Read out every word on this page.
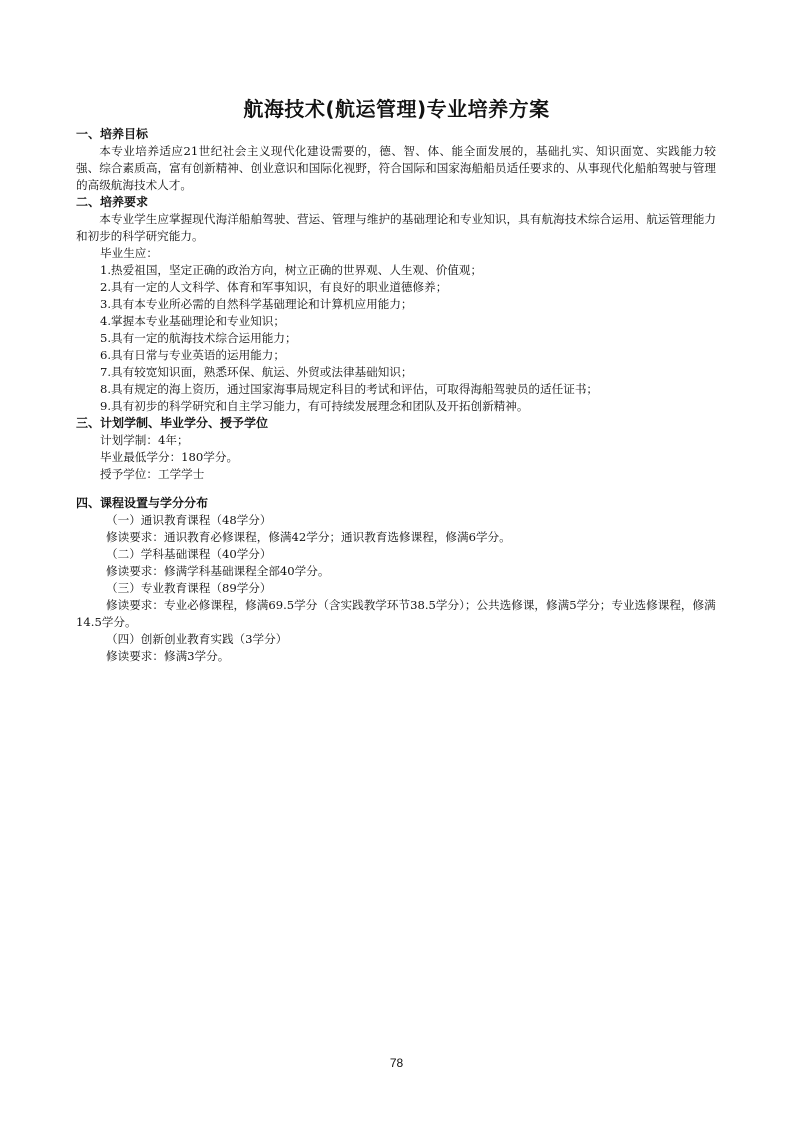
航海技术(航运管理)专业培养方案
一、培养目标
本专业培养适应21世纪社会主义现代化建设需要的，德、智、体、能全面发展的，基础扎实、知识面宽、实践能力较强、综合素质高，富有创新精神、创业意识和国际化视野，符合国际和国家海船船员适任要求的、从事现代化船舶驾驶与管理的高级航海技术人才。
二、培养要求
本专业学生应掌握现代海洋船舶驾驶、营运、管理与维护的基础理论和专业知识，具有航海技术综合运用、航运管理能力和初步的科学研究能力。
毕业生应：
1.热爱祖国，坚定正确的政治方向，树立正确的世界观、人生观、价值观；
2.具有一定的人文科学、体育和军事知识，有良好的职业道德修养；
3.具有本专业所必需的自然科学基础理论和计算机应用能力；
4.掌握本专业基础理论和专业知识；
5.具有一定的航海技术综合运用能力；
6.具有日常与专业英语的运用能力；
7.具有较宽知识面，熟悉环保、航运、外贸或法律基础知识；
8.具有规定的海上资历，通过国家海事局规定科目的考试和评估，可取得海船驾驶员的适任证书；
9.具有初步的科学研究和自主学习能力，有可持续发展理念和团队及开拓创新精神。
三、计划学制、毕业学分、授予学位
计划学制：4年；
毕业最低学分：180学分。
授予学位：工学学士
四、课程设置与学分分布
（一）通识教育课程（48学分）
修读要求：通识教育必修课程，修满42学分；通识教育选修课程，修满6学分。
（二）学科基础课程（40学分）
修读要求：修满学科基础课程全部40学分。
（三）专业教育课程（89学分）
修读要求：专业必修课程，修满69.5学分（含实践教学环节38.5学分）；公共选修课，修满5学分；专业选修课程，修满14.5学分。
（四）创新创业教育实践（3学分）
修读要求：修满3学分。
78
